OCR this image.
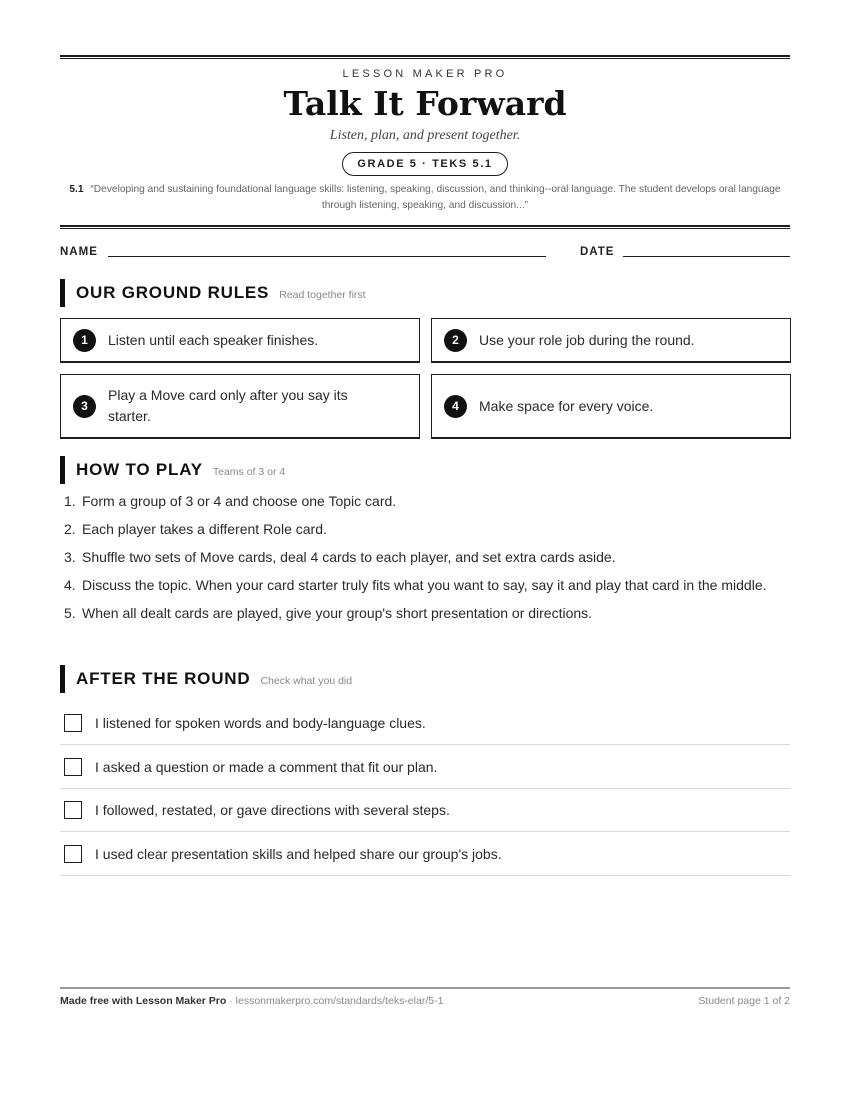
LESSON MAKER PRO
Talk It Forward
Listen, plan, and present together.
GRADE 5 · TEKS 5.1
5.1 “Developing and sustaining foundational language skills: listening, speaking, discussion, and thinking--oral language. The student develops oral language through listening, speaking, and discussion...”
NAME	DATE
OUR GROUND RULES Read together first
1	Listen until each speaker finishes.	2	Use your role job during the round.
3
Play a Move card only after you say its starter.
4	Make space for every voice.
HOW TO PLAY Teams of 3 or 4
1. Form a group of 3 or 4 and choose one Topic card.
2. Each player takes a different Role card.
3. Shuffle two sets of Move cards, deal 4 cards to each player, and set extra cards aside.
4. Discuss the topic. When your card starter truly fits what you want to say, say it and play that card in the middle.
5. When all dealt cards are played, give your group's short presentation or directions.
AFTER THE ROUND Check what you did
I listened for spoken words and body-language clues.
I asked a question or made a comment that fit our plan.
I followed, restated, or gave directions with several steps.
I used clear presentation skills and helped share our group's jobs.
Made free with Lesson Maker Pro · lessonmakerpro.com/standards/teks-elar/5-1	Student page 1 of 2
